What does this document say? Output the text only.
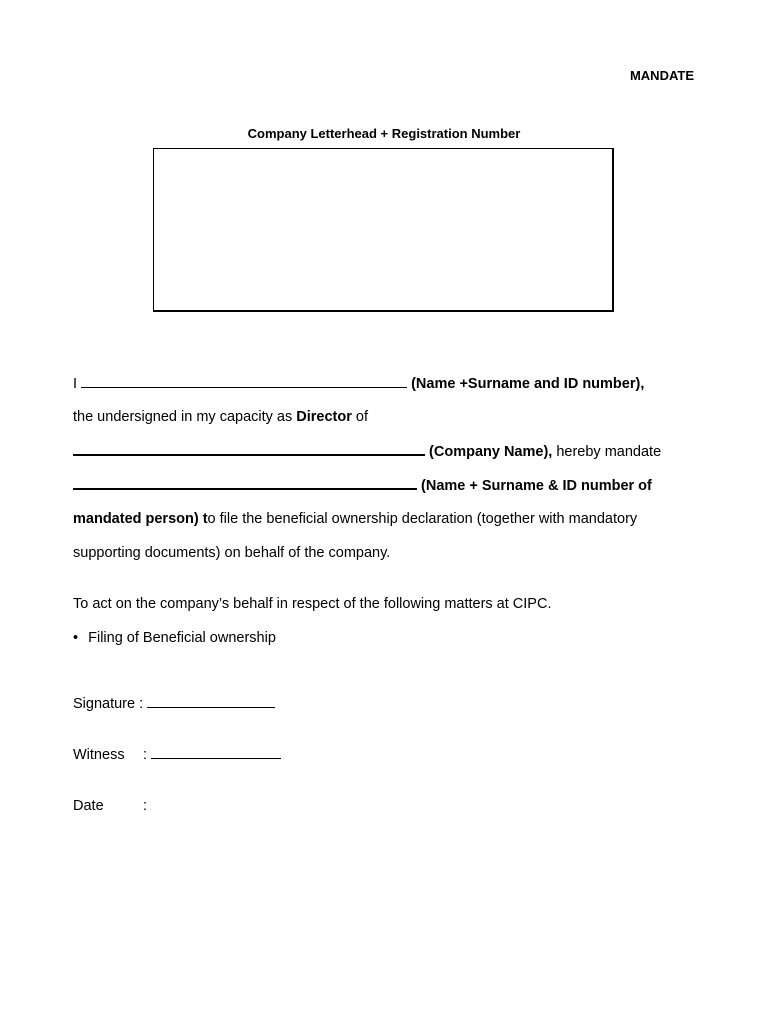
MANDATE
Company Letterhead + Registration Number
I	(Name +Surname and ID number),
the undersigned in my capacity as Director of
(Company Name), hereby mandate
(Name + Surname & ID number of
mandated person) to file the beneficial ownership declaration (together with mandatory
supporting documents) on behalf of the company.
To act on the company’s behalf in respect of the following matters at CIPC.
• Filing of Beneficial ownership
Signature :
Witness :
Date	:
